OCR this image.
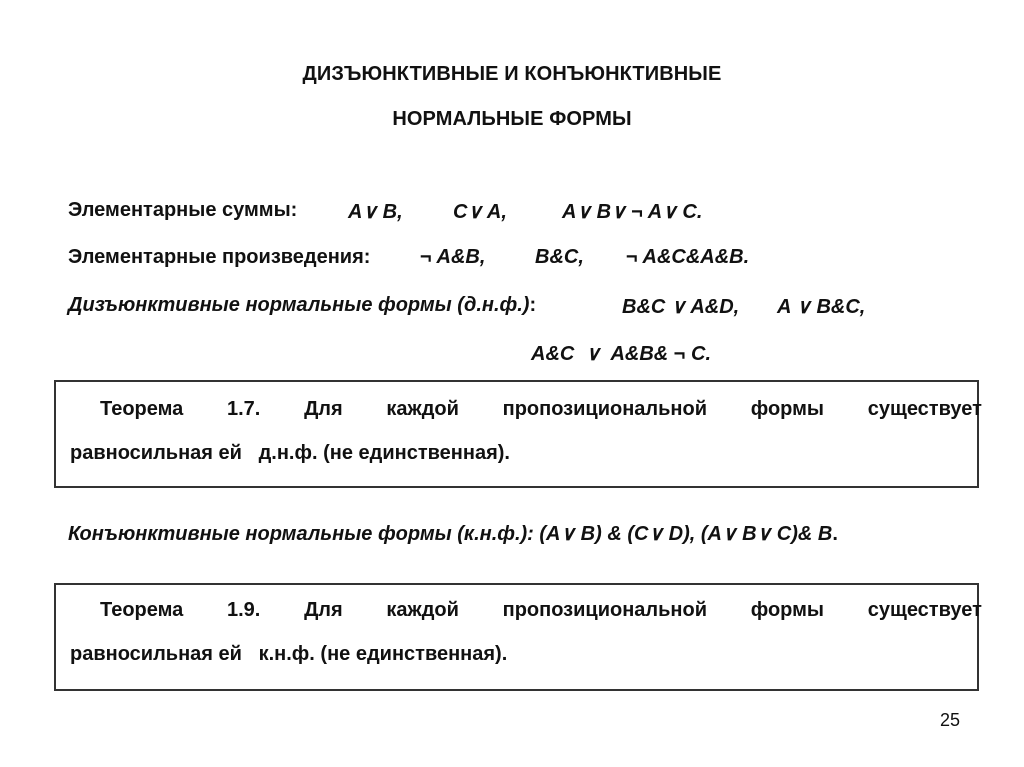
ДИЗЪЮНКТИВНЫЕ И КОНЪЮНКТИВНЫЕ
НОРМАЛЬНЫЕ ФОРМЫ
Элементарные суммы:	A∨ B,	C∨ A,	A∨ B∨ ¬ A∨ C.
Элементарные произведения: ¬ A&B, B&C, ¬ A&C&A&B.
Дизъюнктивные нормальные формы (д.н.ф.):	B&C ∨ A&D, A ∨ B&C,
A&C  ∨  A&B& ¬ C.
Теорема 1.7. Для каждой пропозициональной формы существует
равносильная ей   д.н.ф. (не единственная).
Конъюнктивные нормальные формы (к.н.ф.): (A∨ B) & (C∨ D), (A∨ B∨ C)& B.
Теорема 1.9. Для каждой пропозициональной формы существует
равносильная ей   к.н.ф. (не единственная).
25
